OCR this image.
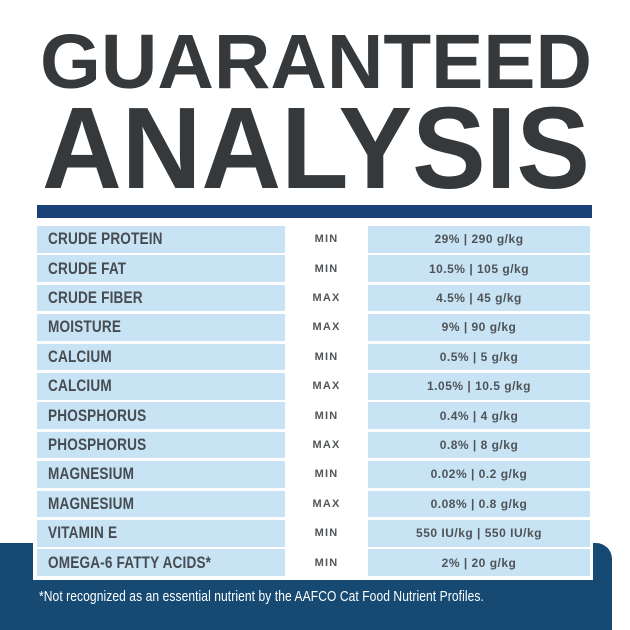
GUARANTEED
ANALYSIS
CRUDE PROTEIN	MIN	29% | 290 g/kg
CRUDE FAT	MIN	10.5% | 105 g/kg
CRUDE FIBER	MAX	4.5% | 45 g/kg
MOISTURE	MAX	9% | 90 g/kg
CALCIUM	MIN	0.5% | 5 g/kg
CALCIUM	MAX	1.05% | 10.5 g/kg
PHOSPHORUS	MIN	0.4% | 4 g/kg
PHOSPHORUS	MAX	0.8% | 8 g/kg
MAGNESIUM	MIN	0.02% | 0.2 g/kg
MAGNESIUM	MAX	0.08% | 0.8 g/kg
VITAMIN E	MIN	550 IU/kg | 550 IU/kg
OMEGA-6 FATTY ACIDS*	MIN	2% | 20 g/kg
*Not recognized as an essential nutrient by the AAFCO Cat Food Nutrient Profiles.
